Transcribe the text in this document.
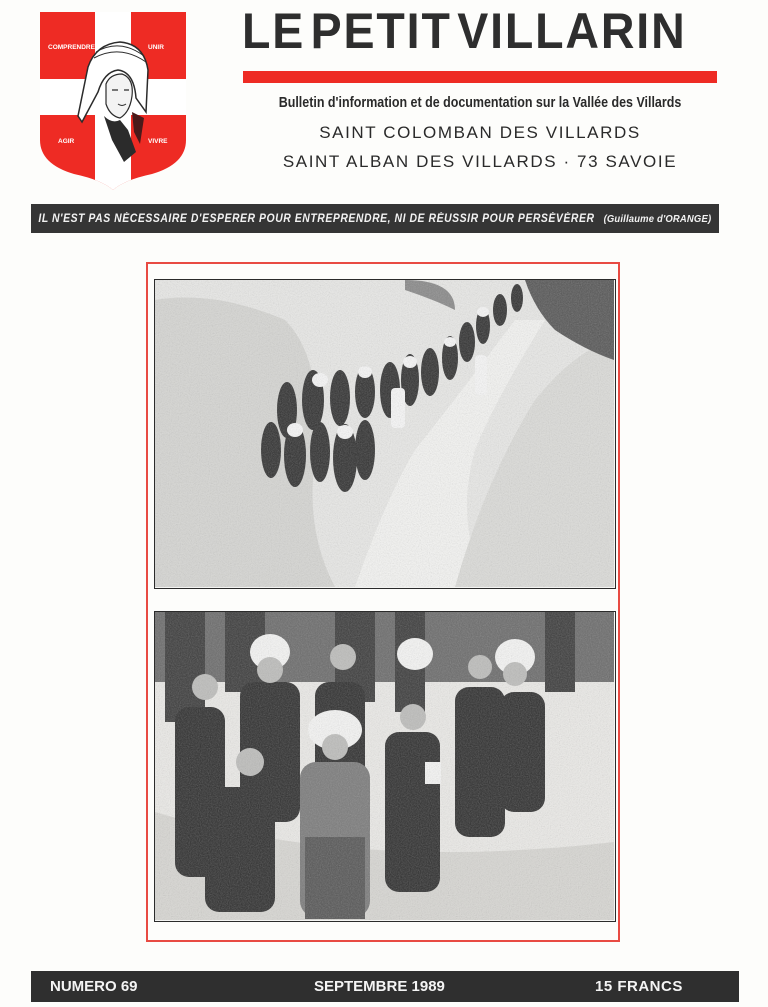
COMPRENDRE	UNIR
AGIR	VIVRE
LE PETIT VILLARIN
Bulletin d'information et de documentation sur la Vallée des Villards
SAINT COLOMBAN DES VILLARDS
SAINT ALBAN DES VILLARDS · 73 SAVOIE
IL N'EST PAS NÉCESSAIRE D'ESPERER POUR ENTREPRENDRE, NI DE RÉUSSIR POUR PERSÉVÉRER (Guillaume d'ORANGE)
NUMERO 69	SEPTEMBRE 1989	15 FRANCS
